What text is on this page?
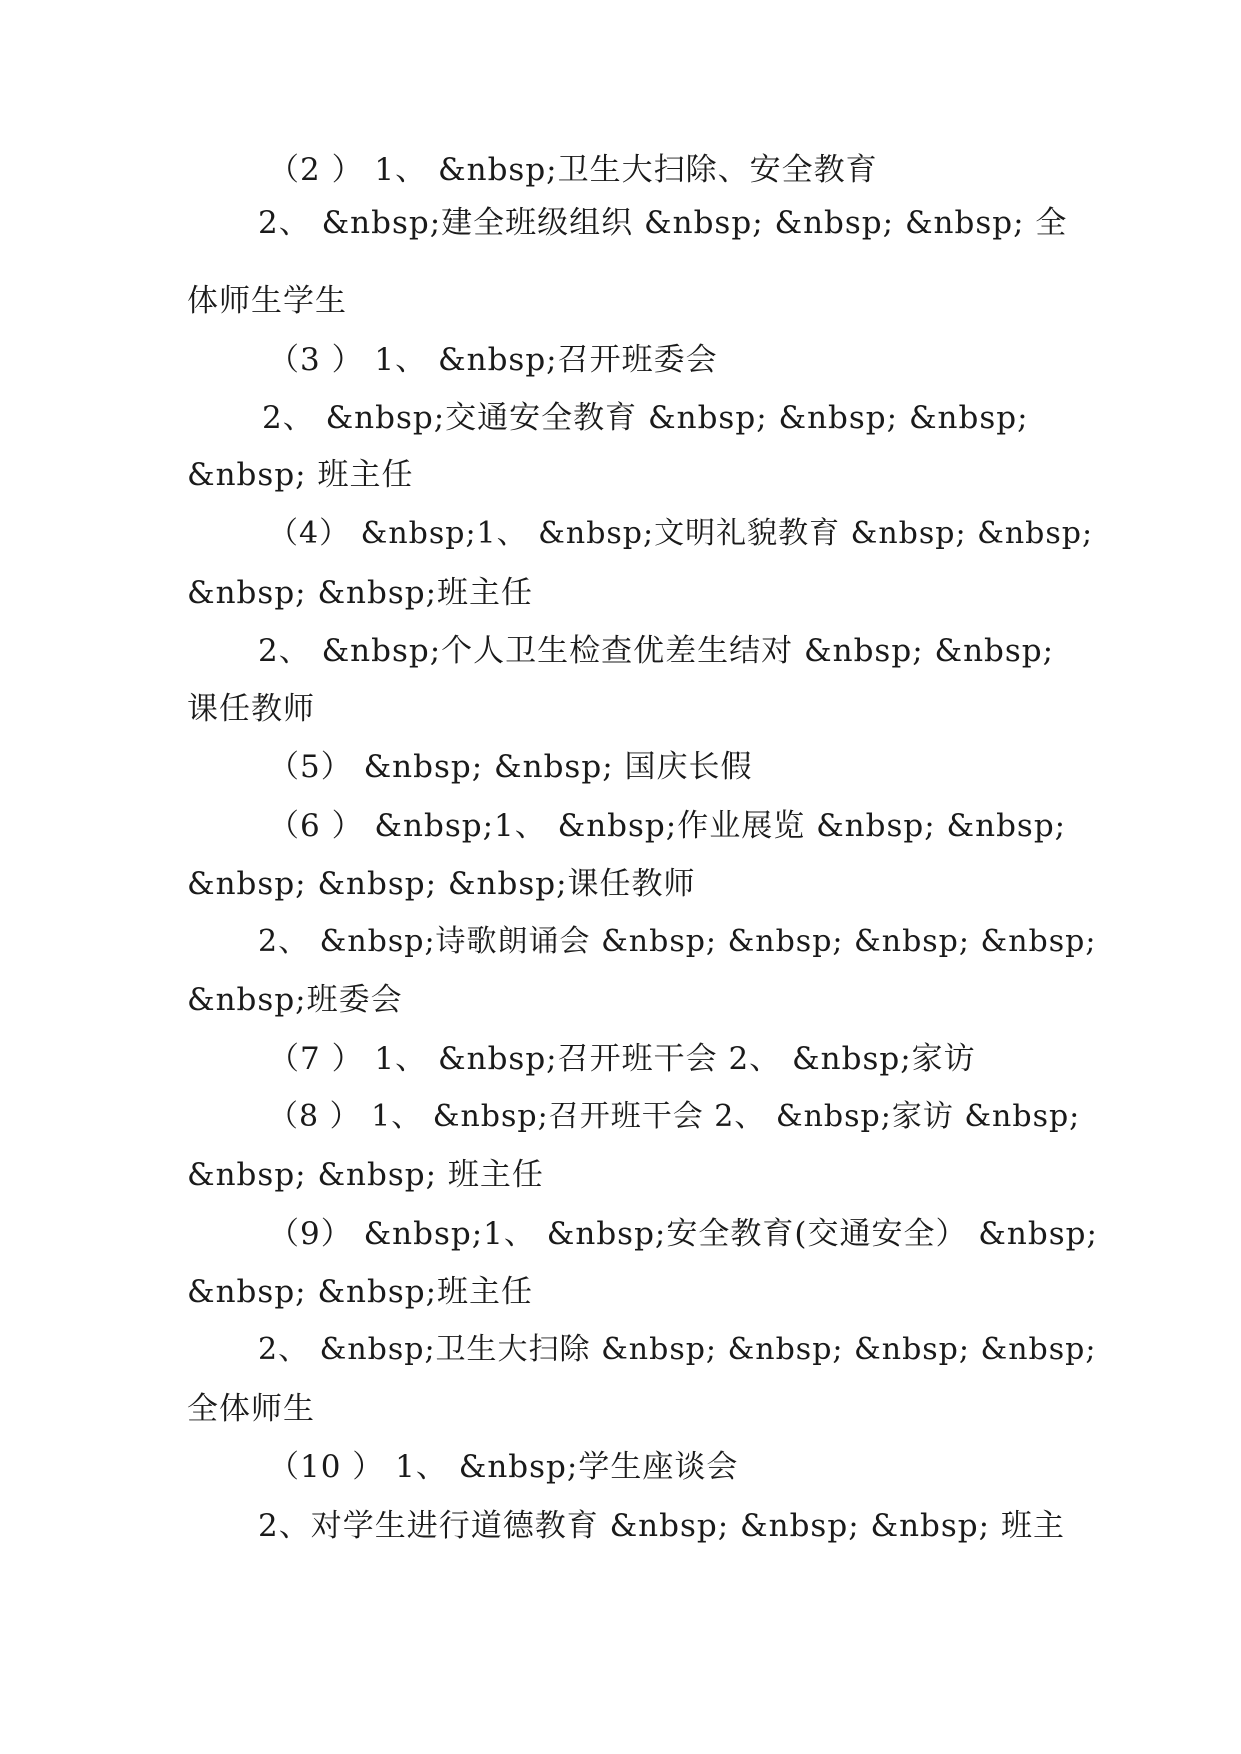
（2 ） 1、 &nbsp;卫生大扫除、安全教育
2、 &nbsp;建全班级组织 &nbsp; &nbsp; &nbsp; 全
体师生学生
（3 ） 1、 &nbsp;召开班委会
2、 &nbsp;交通安全教育 &nbsp; &nbsp; &nbsp;
&nbsp; 班主任
（4） &nbsp;1、 &nbsp;文明礼貌教育 &nbsp; &nbsp;
&nbsp; &nbsp;班主任
2、 &nbsp;个人卫生检查优差生结对 &nbsp; &nbsp;
课任教师
（5） &nbsp; &nbsp; 国庆长假
（6 ） &nbsp;1、 &nbsp;作业展览 &nbsp; &nbsp;
&nbsp; &nbsp; &nbsp;课任教师
2、 &nbsp;诗歌朗诵会 &nbsp; &nbsp; &nbsp; &nbsp;
&nbsp;班委会
（7 ） 1、 &nbsp;召开班干会 2、 &nbsp;家访
（8 ） 1、 &nbsp;召开班干会 2、 &nbsp;家访 &nbsp;
&nbsp; &nbsp; 班主任
（9） &nbsp;1、 &nbsp;安全教育(交通安全） &nbsp;
&nbsp; &nbsp;班主任
2、 &nbsp;卫生大扫除 &nbsp; &nbsp; &nbsp; &nbsp;
全体师生
（10 ） 1、 &nbsp;学生座谈会
2、对学生进行道德教育 &nbsp; &nbsp; &nbsp; 班主
